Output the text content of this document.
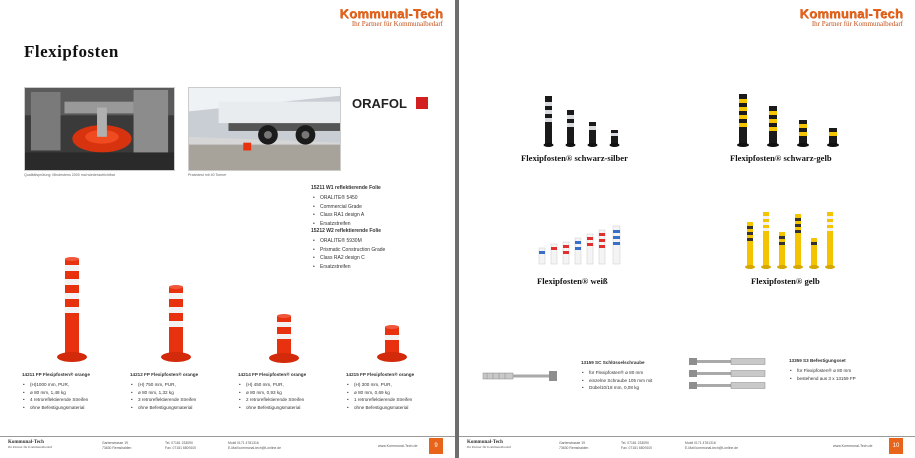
Kommunal-Tech
Ihr Partner für Kommunalbedarf
Flexipfosten
Qualitätsprüfung: Mindestens 2000 mal wiederaufrichtbar	Praxistest mit 40 Tonner
ORAFOL
15211 W1 reflektierende Folie
• ORALITE® 5450
• Commercial Grade
• Class RA1 design A
• Ersatzstreifen
15212 W2 reflektierende Folie
• ORALITE® 5930M
• Prismatic Construction Grade
• Class RA2 design C
• Ersatzstreifen
14211 FP Flexipfosten® orange
• (H)1000 mm, PUR,
• ø 80 mm, 1,48 kg
• 4 retroreflektierende Streifen
• ohne Befestigungsmaterial
14212 FP Flexipfosten® orange
• (H) 750 mm, PUR,
• ø 80 mm, 1,32 kg
• 3 retroreflektierende Streifen
• ohne Befestigungsmaterial
14214 FP Flexipfosten® orange
• (H) 450 mm, PUR,
• ø 80 mm, 0,93 kg
• 2 retroreflektierende Streifen
• ohne Befestigungsmaterial
14215 FP Flexipfosten® orange
• (H) 300 mm, PUR,
• ø 80 mm, 0,69 kg
• 1 retroreflektierende Streifen
• ohne Befestigungsmaterial
Kommunal-Tech
Ihr Partner für Kommunalbedarf
Gartenstrasse 19
73630 Remshalden
Tel. 07181 233090
Fax. 07181 6809100
Mobil 0171 4781316
E-Mail kommunal-tech@t-online.de	www.Kommunal-Tech.de	9
Kommunal-Tech
Ihr Partner für Kommunalbedarf
Flexipfosten® schwarz-silber	Flexipfosten® schwarz-gelb
Flexipfosten® weiß	Flexipfosten® gelb
13159 SC Schlüsselschraube
• für Flexipfosten® ø 80 mm
• einzelne Schraube 105 mm mit
• Dübel10/18 mm, 0,08 kg
13359 S3 Befestigungsset
• für Flexipfosten® ø 80 mm
• bestehend aus 3 x 13159 FP
Kommunal-Tech
Ihr Partner für Kommunalbedarf
Gartenstrasse 19
73630 Remshalden
Tel. 07181 233090
Fax. 07181 6809100
Mobil 0171 4781316
E-Mail kommunal-tech@t-online.de	www.Kommunal-Tech.de	10
